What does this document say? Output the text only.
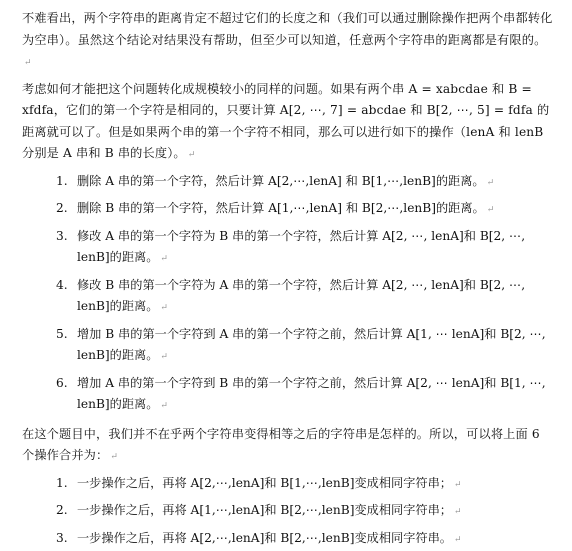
不难看出，两个字符串的距离肯定不超过它们的长度之和（我们可以通过删除操作把两个串都转化为空串）。虽然这个结论对结果没有帮助，但至少可以知道，任意两个字符串的距离都是有限的。↵

考虑如何才能把这个问题转化成规模较小的同样的问题。如果有两个串 A = xabcdae 和 B = xfdfa，它们的第一个字符是相同的，只要计算 A[2, ⋯, 7] = abcdae 和 B[2, ⋯, 5] = fdfa 的距离就可以了。但是如果两个串的第一个字符不相同，那么可以进行如下的操作（lenA 和 lenB 分别是 A 串和 B 串的长度）。 ↵

1. 删除 A 串的第一个字符，然后计算 A[2,⋯,lenA] 和 B[1,⋯,lenB]的距离。 ↵
2. 删除 B 串的第一个字符，然后计算 A[1,⋯,lenA] 和 B[2,⋯,lenB]的距离。 ↵
3. 修改 A 串的第一个字符为 B 串的第一个字符，然后计算 A[2, ⋯, lenA]和 B[2, ⋯, lenB]的距离。 ↵
4. 修改 B 串的第一个字符为 A 串的第一个字符，然后计算 A[2, ⋯, lenA]和 B[2, ⋯, lenB]的距离。 ↵
5. 增加 B 串的第一个字符到 A 串的第一个字符之前，然后计算 A[1, ⋯ lenA]和 B[2, ⋯, lenB]的距离。 ↵
6. 增加 A 串的第一个字符到 B 串的第一个字符之前，然后计算 A[2, ⋯ lenA]和 B[1, ⋯, lenB]的距离。 ↵

在这个题目中，我们并不在乎两个字符串变得相等之后的字符串是怎样的。所以，可以将上面 6 个操作合并为： ↵

1. 一步操作之后，再将 A[2,⋯,lenA]和 B[1,⋯,lenB]变成相同字符串； ↵
2. 一步操作之后，再将 A[1,⋯,lenA]和 B[2,⋯,lenB]变成相同字符串； ↵
3. 一步操作之后，再将 A[2,⋯,lenA]和 B[2,⋯,lenB]变成相同字符串。 ↵
